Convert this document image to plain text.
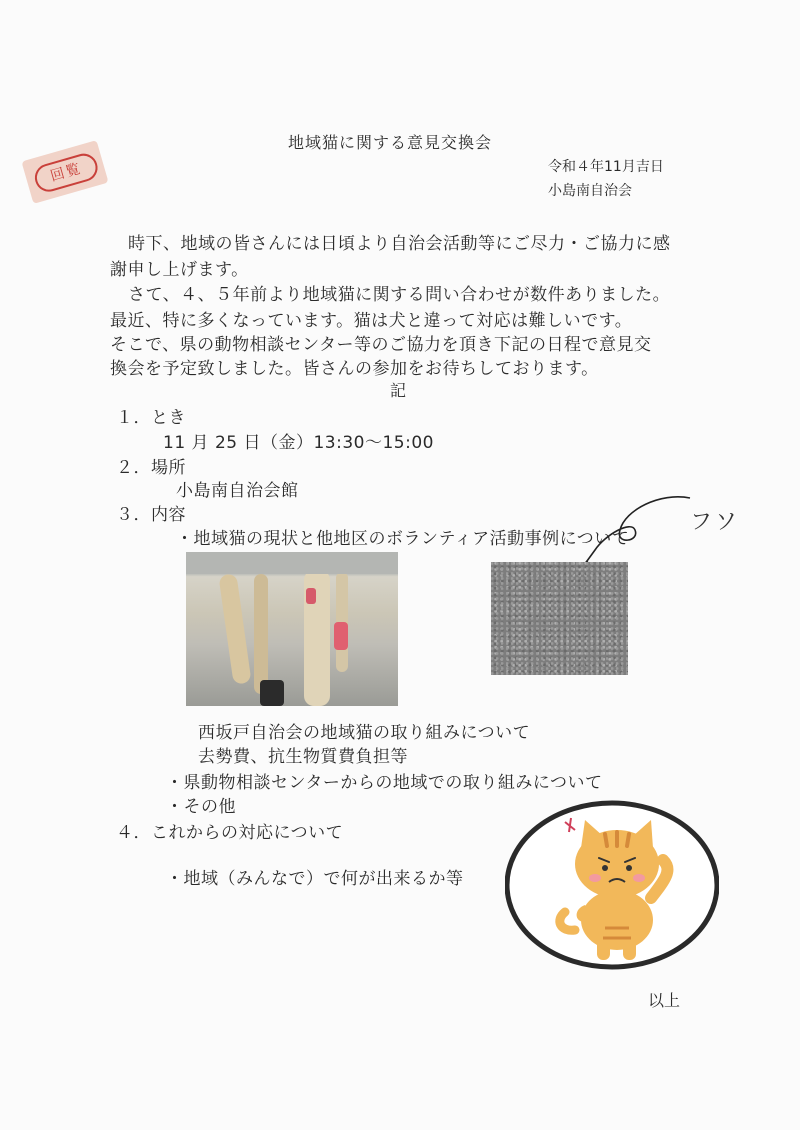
回覧
地域猫に関する意見交換会
令和４年11月吉日
小島南自治会
時下、地域の皆さんには日頃より自治会活動等にご尽力・ご協力に感
謝申し上げます。
さて、４、５年前より地域猫に関する問い合わせが数件ありました。
最近、特に多くなっています。猫は犬と違って対応は難しいです。
そこで、県の動物相談センター等のご協力を頂き下記の日程で意見交
換会を予定致しました。皆さんの参加をお待ちしております。
記
１．とき
11 月 25 日（金）13:30〜15:00
２．場所
小島南自治会館
３．内容
・地域猫の現状と他地区のボランティア活動事例について
フソ
西坂戸自治会の地域猫の取り組みについて
去勢費、抗生物質費負担等
・県動物相談センターからの地域での取り組みについて
・その他
４．これからの対応について
・地域（みんなで）で何が出来るか等
以上
